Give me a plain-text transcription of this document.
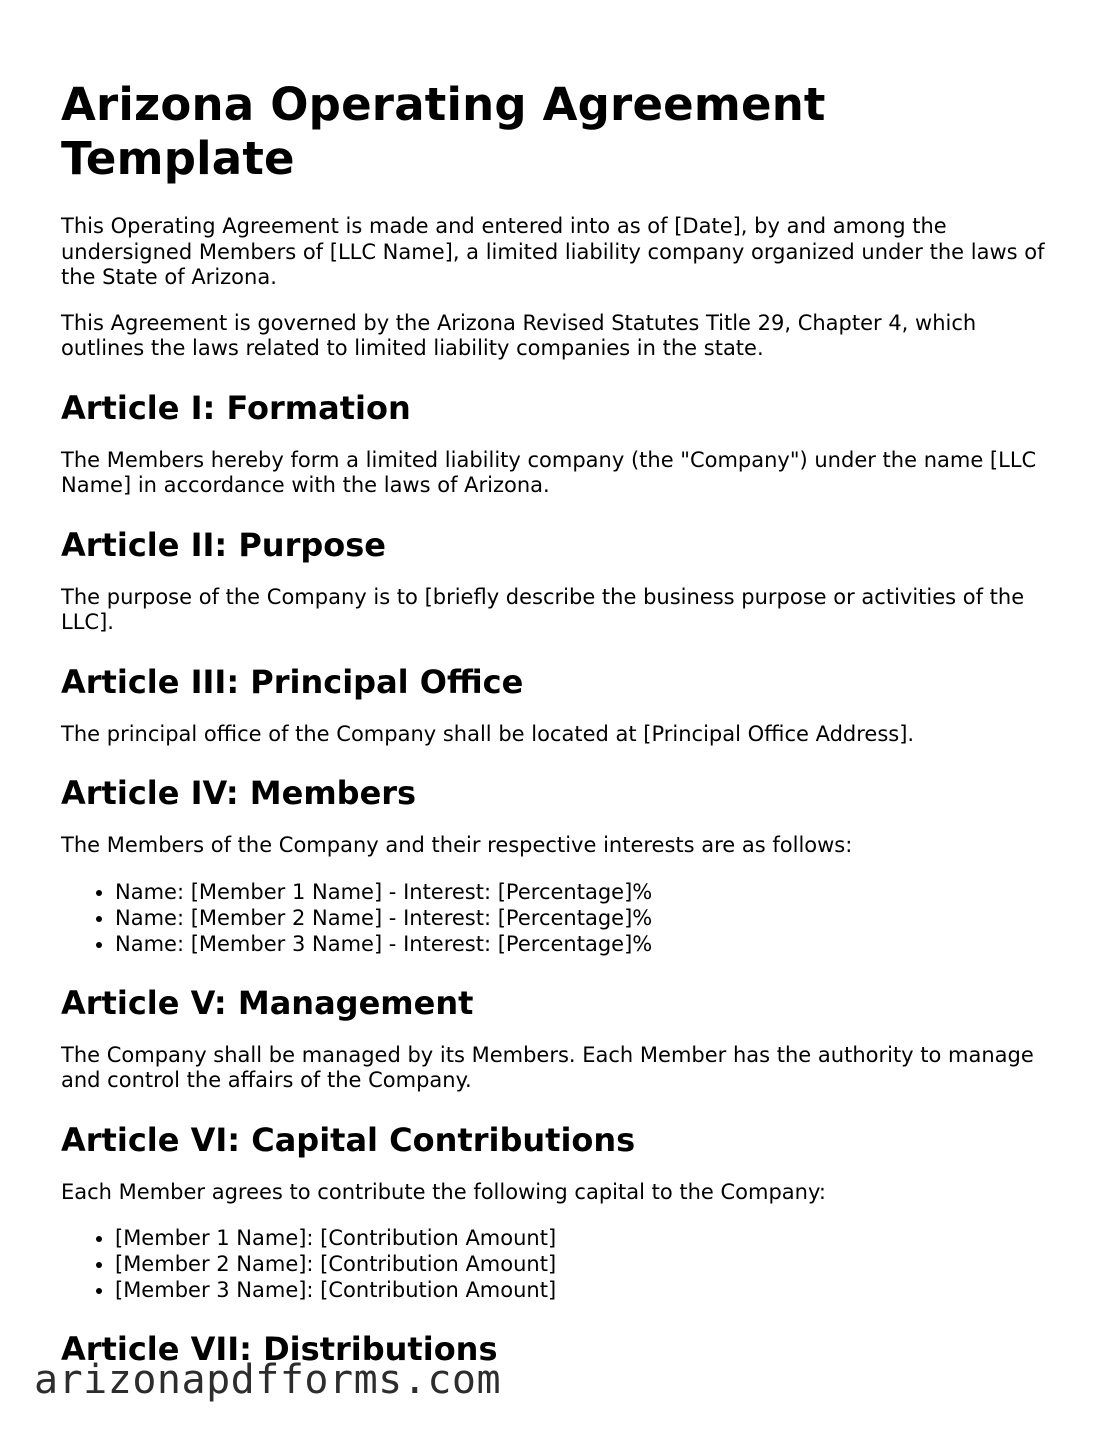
Arizona Operating Agreement Template

This Operating Agreement is made and entered into as of [Date], by and among the undersigned Members of [LLC Name], a limited liability company organized under the laws of the State of Arizona.

This Agreement is governed by the Arizona Revised Statutes Title 29, Chapter 4, which outlines the laws related to limited liability companies in the state.

Article I: Formation

The Members hereby form a limited liability company (the "Company") under the name [LLC Name] in accordance with the laws of Arizona.

Article II: Purpose

The purpose of the Company is to [briefly describe the business purpose or activities of the LLC].

Article III: Principal Office

The principal office of the Company shall be located at [Principal Office Address].

Article IV: Members

The Members of the Company and their respective interests are as follows:

• Name: [Member 1 Name] - Interest: [Percentage]%
• Name: [Member 2 Name] - Interest: [Percentage]%
• Name: [Member 3 Name] - Interest: [Percentage]%
Article V: Management

The Company shall be managed by its Members. Each Member has the authority to manage and control the affairs of the Company.

Article VI: Capital Contributions

Each Member agrees to contribute the following capital to the Company:

• [Member 1 Name]: [Contribution Amount]
• [Member 2 Name]: [Contribution Amount]
• [Member 3 Name]: [Contribution Amount]
Article VII: Distributions
arizonapdfforms.com
